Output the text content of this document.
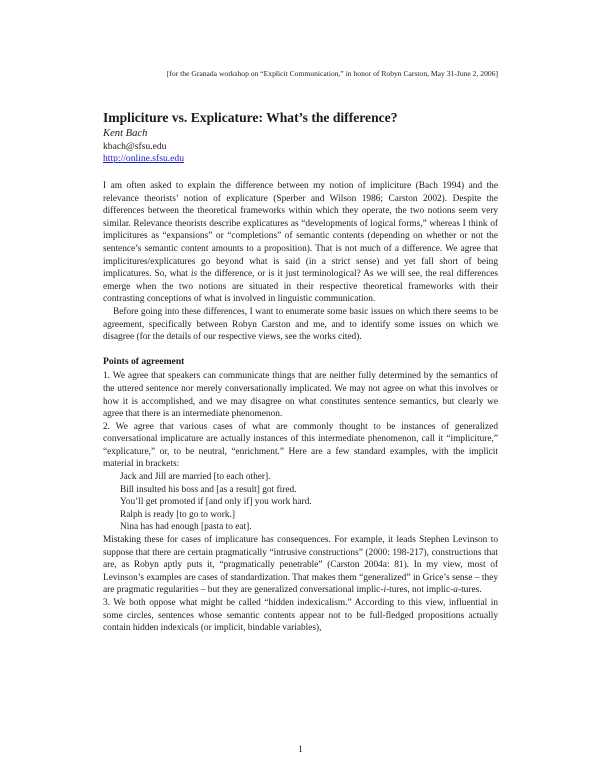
[for the Granada workshop on “Explicit Communication,” in honor of Robyn Carston, May 31-June 2, 2006]
Impliciture vs. Explicature: What’s the difference?
Kent Bach
kbach@sfsu.edu
http://online.sfsu.edu

I am often asked to explain the difference between my notion of impliciture (Bach 1994) and the relevance theorists’ notion of explicature (Sperber and Wilson 1986; Carston 2002). Despite the differences between the theoretical frameworks within which they operate, the two notions seem very similar. Relevance theorists describe explicatures as “developments of logical forms,” whereas I think of implicitures as “expansions” or “completions” of semantic contents (depending on whether or not the sentence’s semantic content amounts to a proposition). That is not much of a difference. We agree that implicitures/explicatures go beyond what is said (in a strict sense) and yet fall short of being implicatures. So, what is the difference, or is it just terminological? As we will see, the real differences emerge when the two notions are situated in their respective theoretical frameworks with their contrasting conceptions of what is involved in linguistic communication.

Before going into these differences, I want to enumerate some basic issues on which there seems to be agreement, specifically between Robyn Carston and me, and to identify some issues on which we disagree (for the details of our respective views, see the works cited).

Points of agreement

1. We agree that speakers can communicate things that are neither fully determined by the semantics of the uttered sentence nor merely conversationally implicated. We may not agree on what this involves or how it is accomplished, and we may disagree on what constitutes sentence semantics, but clearly we agree that there is an intermediate phenomenon.

2. We agree that various cases of what are commonly thought to be instances of generalized conversational implicature are actually instances of this intermediate phenomenon, call it “impliciture,” “explicature,” or, to be neutral, “enrichment.” Here are a few standard examples, with the implicit material in brackets:

Jack and Jill are married [to each other].
Bill insulted his boss and [as a result] got fired.
You’ll get promoted if [and only if] you work hard.
Ralph is ready [to go to work.]
Nina has had enough [pasta to eat].

Mistaking these for cases of implicature has consequences. For example, it leads Stephen Levinson to suppose that there are certain pragmatically “intrusive constructions” (2000: 198-217), constructions that are, as Robyn aptly puts it, “pragmatically penetrable” (Carston 2004a: 81). In my view, most of Levinson’s examples are cases of standardization. That makes them “generalized” in Grice’s sense – they are pragmatic regularities – but they are generalized conversational implic-i-tures, not implic-a-tures.

3. We both oppose what might be called “hidden indexicalism.” According to this view, influential in some circles, sentences whose semantic contents appear not to be full-fledged propositions actually contain hidden indexicals (or implicit, bindable variables),

1
